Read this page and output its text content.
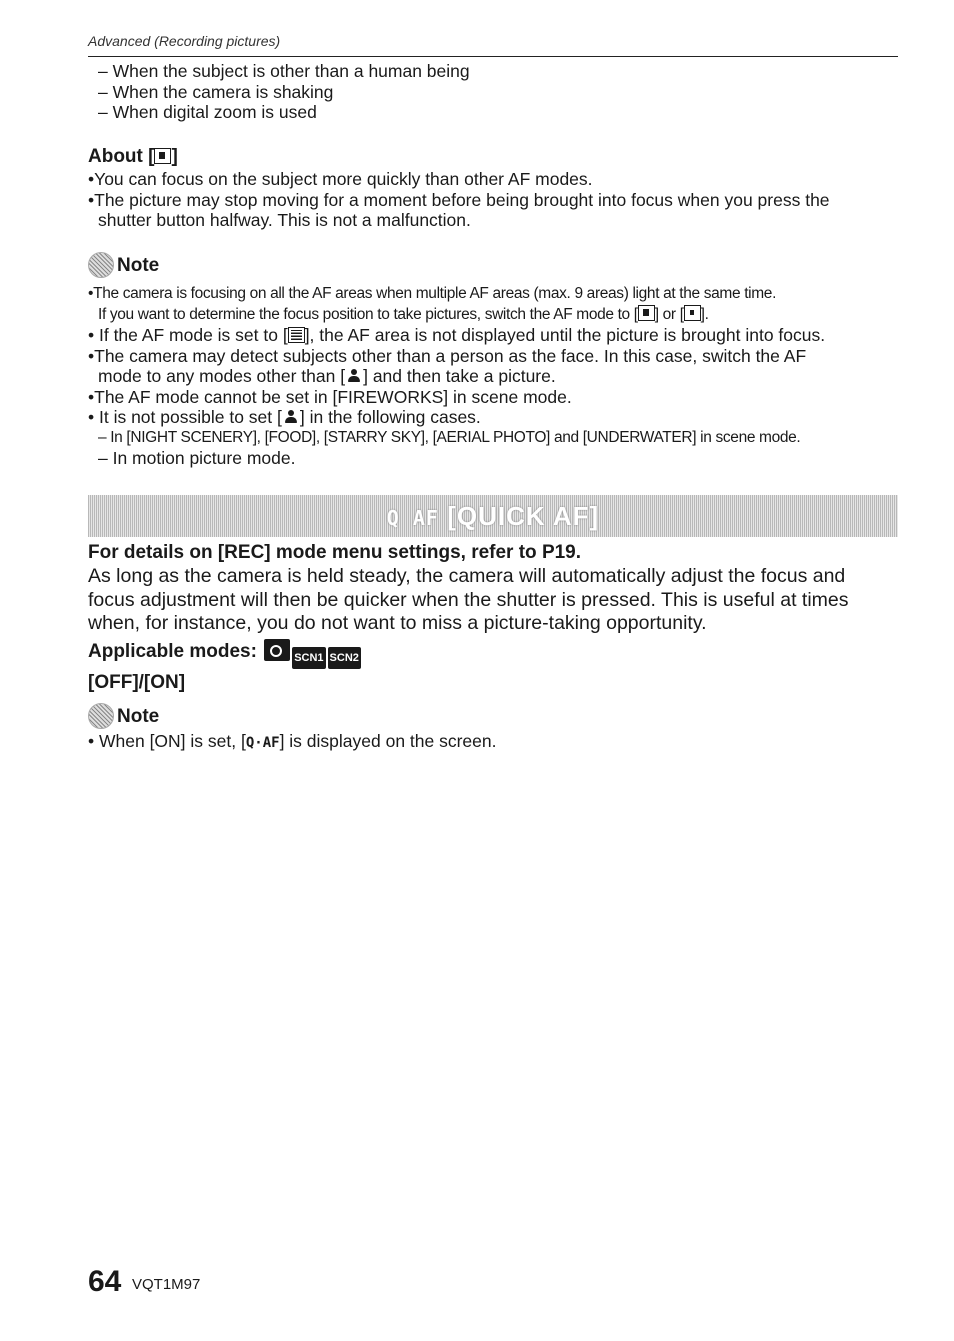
Advanced (Recording pictures)
– When the subject is other than a human being
– When the camera is shaking
– When digital zoom is used
About [ ]
•You can focus on the subject more quickly than other AF modes.
•The picture may stop moving for a moment before being brought into focus when you press the
shutter button halfway. This is not a malfunction.
Note
•The camera is focusing on all the AF areas when multiple AF areas (max. 9 areas) light at the same time.
If you want to determine the focus position to take pictures, switch the AF mode to [ ] or [ ].
• If the AF mode is set to [ ], the AF area is not displayed until the picture is brought into focus.
•The camera may detect subjects other than a person as the face. In this case, switch the AF
mode to any modes other than [ ] and then take a picture.
•The AF mode cannot be set in [FIREWORKS] in scene mode.
• It is not possible to set [ ] in the following cases.
– In [NIGHT SCENERY], [FOOD], [STARRY SKY], [AERIAL PHOTO] and [UNDERWATER] in scene mode.
– In motion picture mode.
Q AF [QUICK AF]
For details on [REC] mode menu settings, refer to P19.
As long as the camera is held steady, the camera will automatically adjust the focus and
focus adjustment will then be quicker when the shutter is pressed. This is useful at times
when, for instance, you do not want to miss a picture-taking opportunity.
Applicable modes:	SCN1 SCN2
[OFF]/[ON]
Note
• When [ON] is set, [Q·AF] is displayed on the screen.
64 VQT1M97
